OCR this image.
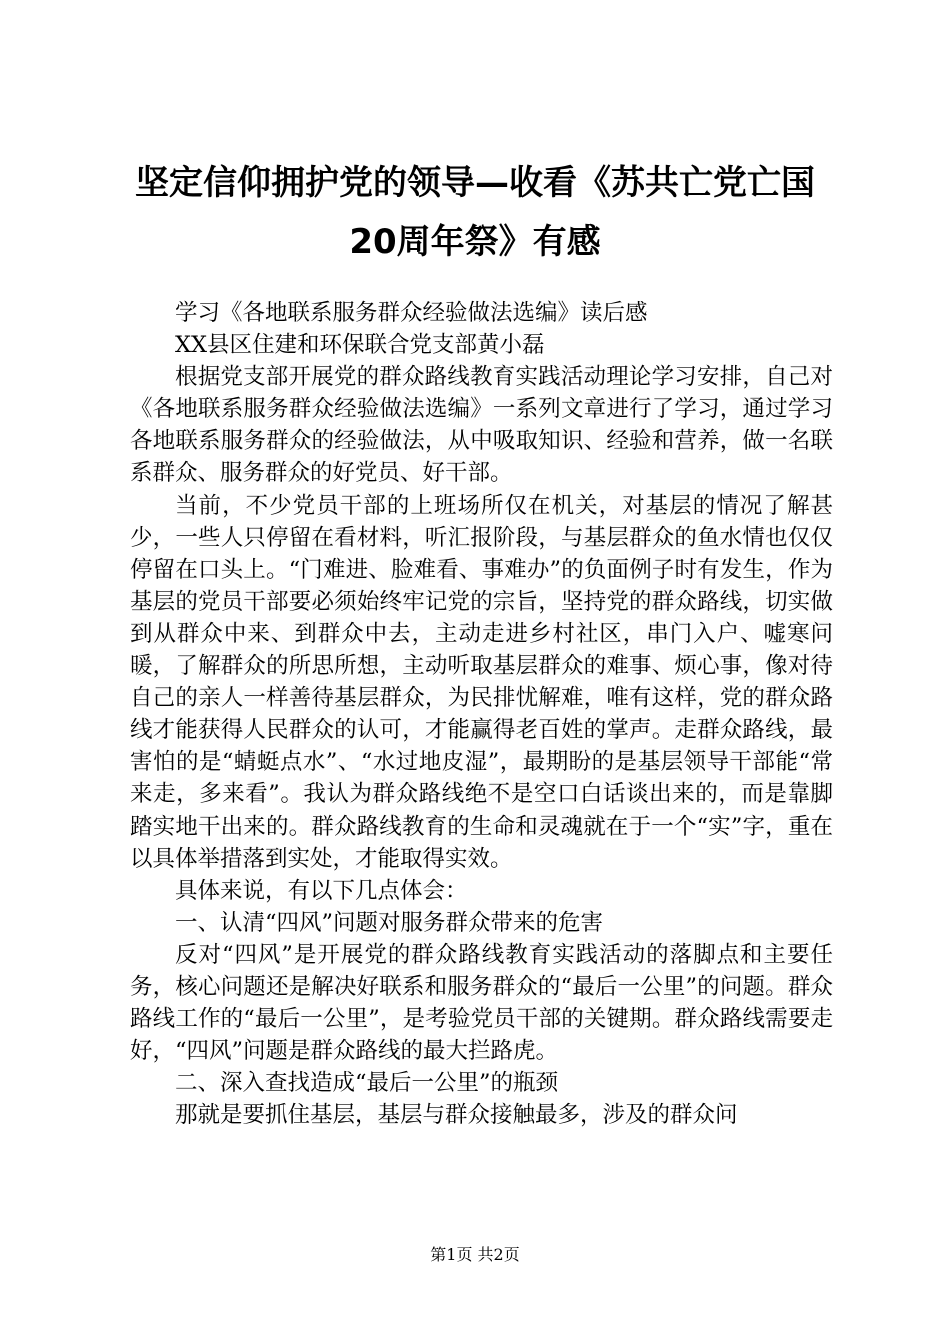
坚定信仰拥护党的领导—收看《苏共亡党亡国
20周年祭》有感

学习《各地联系服务群众经验做法选编》读后感

XX县区住建和环保联合党支部黄小磊

根据党支部开展党的群众路线教育实践活动理论学习安排，自己对《各地联系服务群众经验做法选编》一系列文章进行了学习，通过学习各地联系服务群众的经验做法，从中吸取知识、经验和营养，做一名联系群众、服务群众的好党员、好干部。

当前，不少党员干部的上班场所仅在机关，对基层的情况了解甚少，一些人只停留在看材料，听汇报阶段，与基层群众的鱼水情也仅仅停留在口头上。“门难进、脸难看、事难办”的负面例子时有发生，作为基层的党员干部要必须始终牢记党的宗旨，坚持党的群众路线，切实做到从群众中来、到群众中去，主动走进乡村社区，串门入户、嘘寒问暖，了解群众的所思所想，主动听取基层群众的难事、烦心事，像对待自己的亲人一样善待基层群众，为民排忧解难，唯有这样，党的群众路线才能获得人民群众的认可，才能赢得老百姓的掌声。走群众路线，最害怕的是“蜻蜓点水”、“水过地皮湿”，最期盼的是基层领导干部能“常来走，多来看”。我认为群众路线绝不是空口白话谈出来的，而是靠脚踏实地干出来的。群众路线教育的生命和灵魂就在于一个“实”字，重在以具体举措落到实处，才能取得实效。

具体来说，有以下几点体会：

一、认清“四风”问题对服务群众带来的危害

反对“四风”是开展党的群众路线教育实践活动的落脚点和主要任务，核心问题还是解决好联系和服务群众的“最后一公里”的问题。群众路线工作的“最后一公里”，是考验党员干部的关键期。群众路线需要走好，“四风”问题是群众路线的最大拦路虎。

二、深入查找造成“最后一公里”的瓶颈

那就是要抓住基层，基层与群众接触最多，涉及的群众问

第1页 共2页
